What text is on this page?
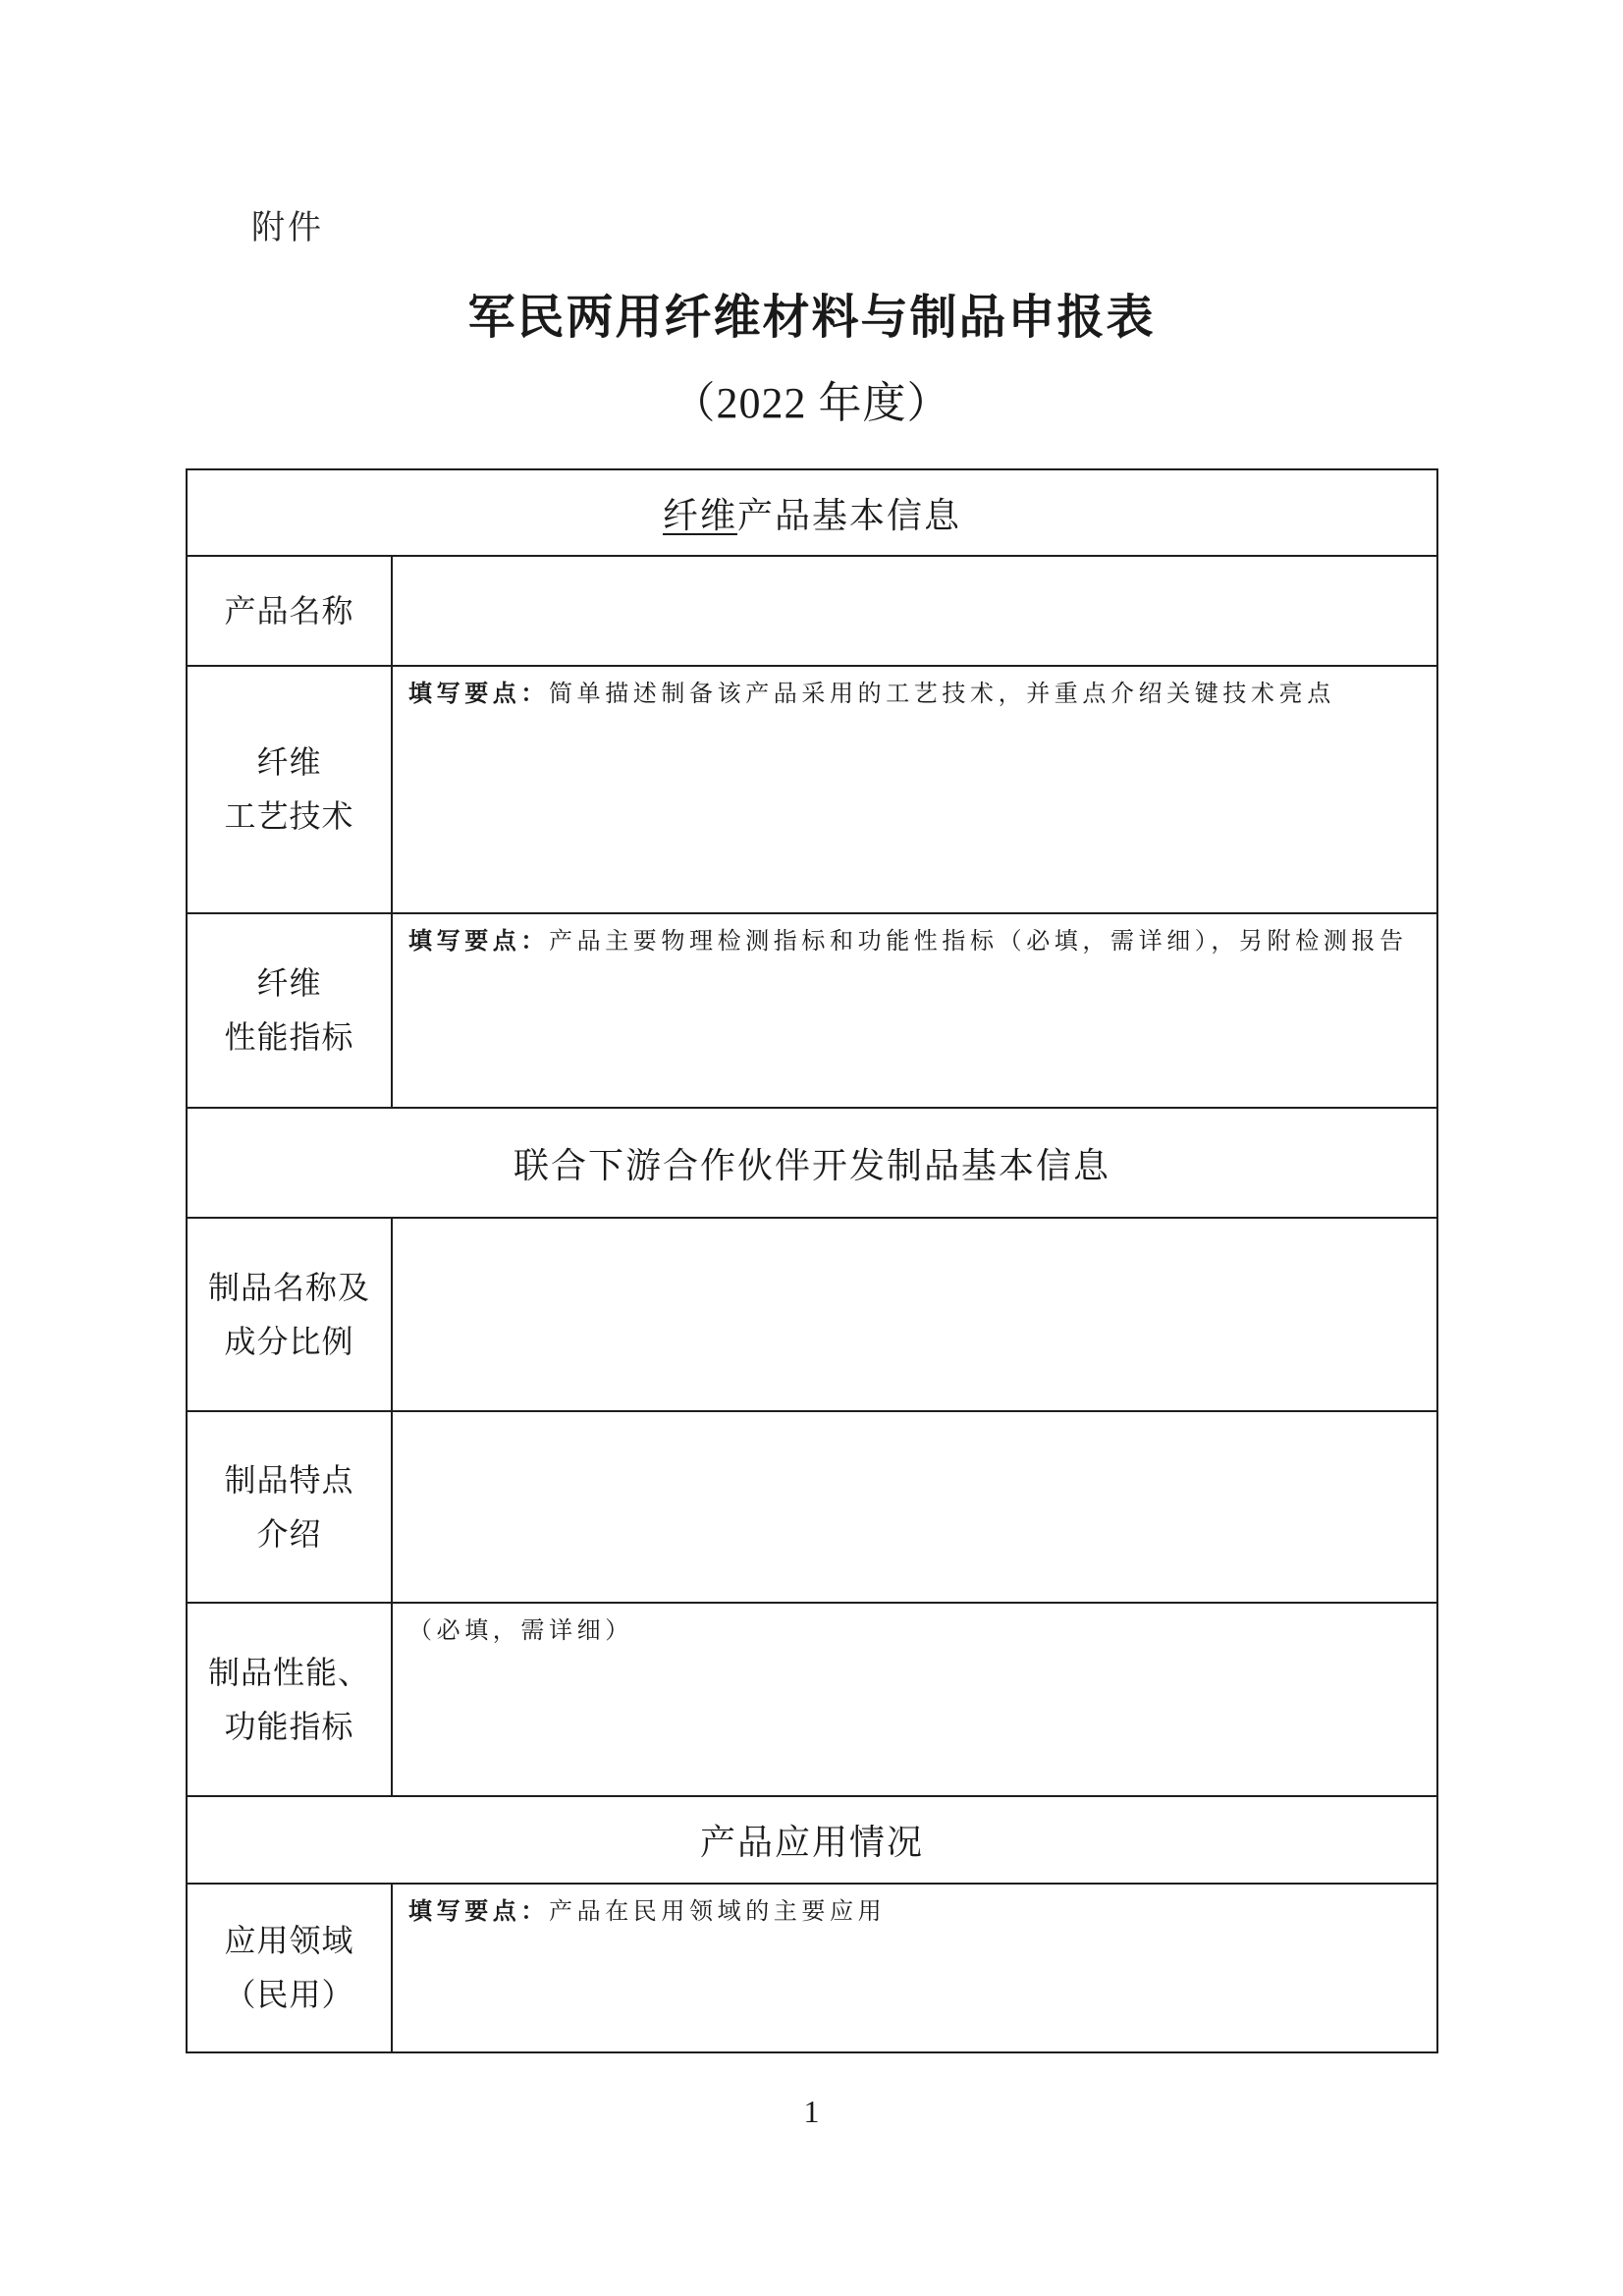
附件
军民两用纤维材料与制品申报表
（2022 年度）
纤维 产品基本信息
产品名称
纤维
工艺技术
填写要点：简单描述制备该产品采用的工艺技术，并重点介绍关键技术亮点
纤维
性能指标
填写要点：产品主要物理检测指标和功能性指标（必填，需详细），另附检测报告
联合下游合作伙伴开发制品基本信息
制品名称及
成分比例
制品特点
介绍
制品性能、
功能指标
（必填，需详细）
产品应用情况
应用领域
（民用）
填写要点：产品在民用领域的主要应用
1
